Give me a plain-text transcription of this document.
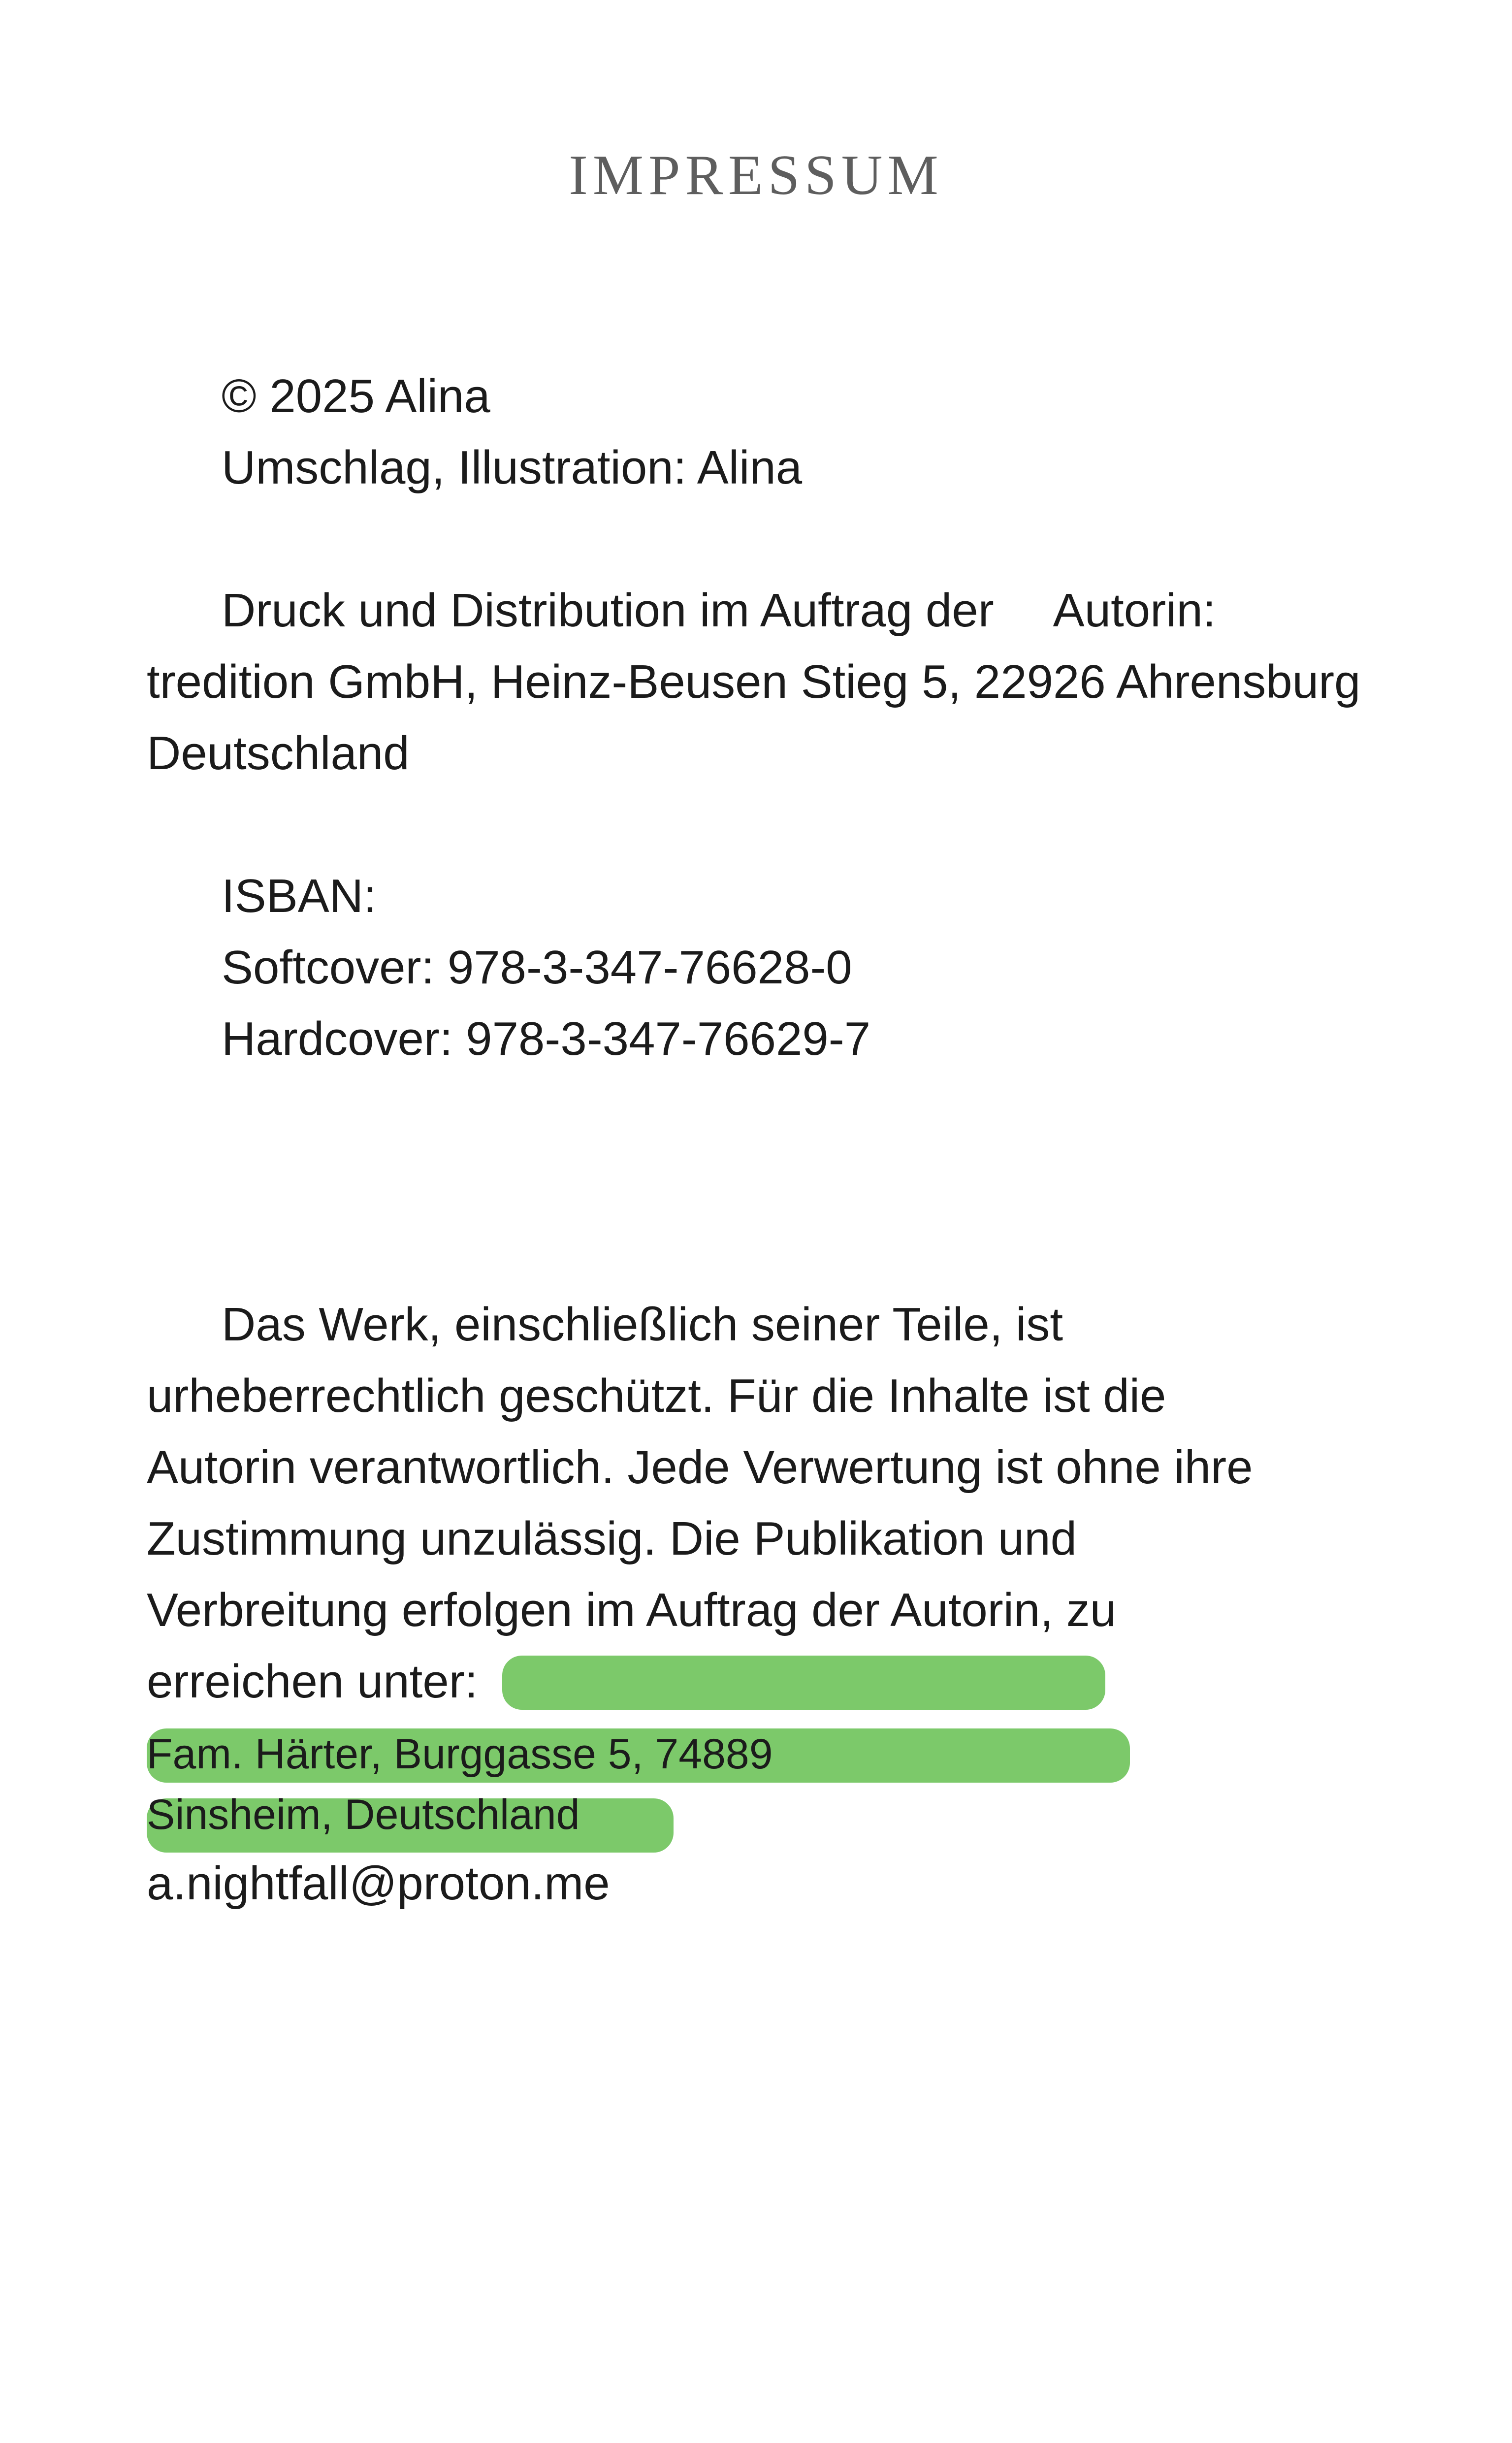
IMPRESSUM
© 2025 Alina
Umschlag, Illustration: Alina
Druck und Distribution im Auftrag der Autorin:
tredition GmbH, Heinz-Beusen Stieg 5, 22926 Ahrensburg
Deutschland
ISBAN:
Softcover: 978-3-347-76628-0
Hardcover: 978-3-347-76629-7
Das Werk, einschließlich seiner Teile, ist
urheberrechtlich geschützt. Für die Inhalte ist die
Autorin verantwortlich. Jede Verwertung ist ohne ihre
Zustimmung unzulässig. Die Publikation und
Verbreitung erfolgen im Auftrag der Autorin, zu
erreichen unter:
Fam. Härter, Burggasse 5, 74889
Sinsheim, Deutschland
a.nightfall@proton.me
